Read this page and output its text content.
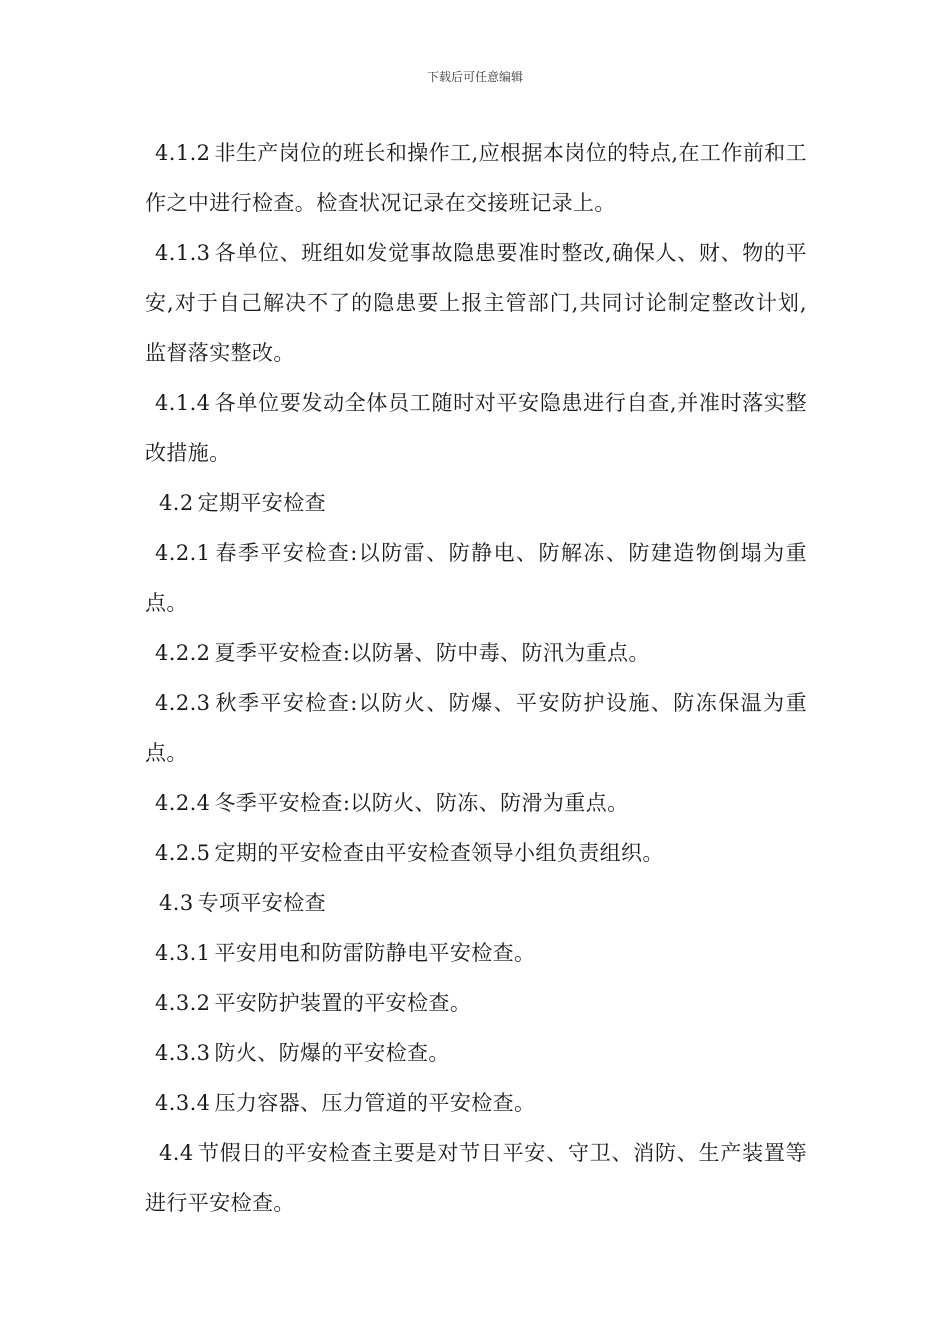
下载后可任意编辑

4.1.2 非生产岗位的班长和操作工,应根据本岗位的特点,在工作前和工作之中进行检查。检查状况记录在交接班记录上。

4.1.3 各单位、班组如发觉事故隐患要准时整改,确保人、财、物的平安,对于自己解决不了的隐患要上报主管部门,共同讨论制定整改计划,监督落实整改。

4.1.4 各单位要发动全体员工随时对平安隐患进行自查,并准时落实整改措施。

4.2 定期平安检查

4.2.1 春季平安检查:以防雷、防静电、防解冻、防建造物倒塌为重点。

4.2.2 夏季平安检查:以防暑、防中毒、防汛为重点。

4.2.3 秋季平安检查:以防火、防爆、平安防护设施、防冻保温为重点。

4.2.4 冬季平安检查:以防火、防冻、防滑为重点。

4.2.5 定期的平安检查由平安检查领导小组负责组织。

4.3 专项平安检查

4.3.1 平安用电和防雷防静电平安检查。

4.3.2 平安防护装置的平安检查。

4.3.3 防火、防爆的平安检查。

4.3.4 压力容器、压力管道的平安检查。

4.4 节假日的平安检查主要是对节日平安、守卫、消防、生产装置等进行平安检查。
